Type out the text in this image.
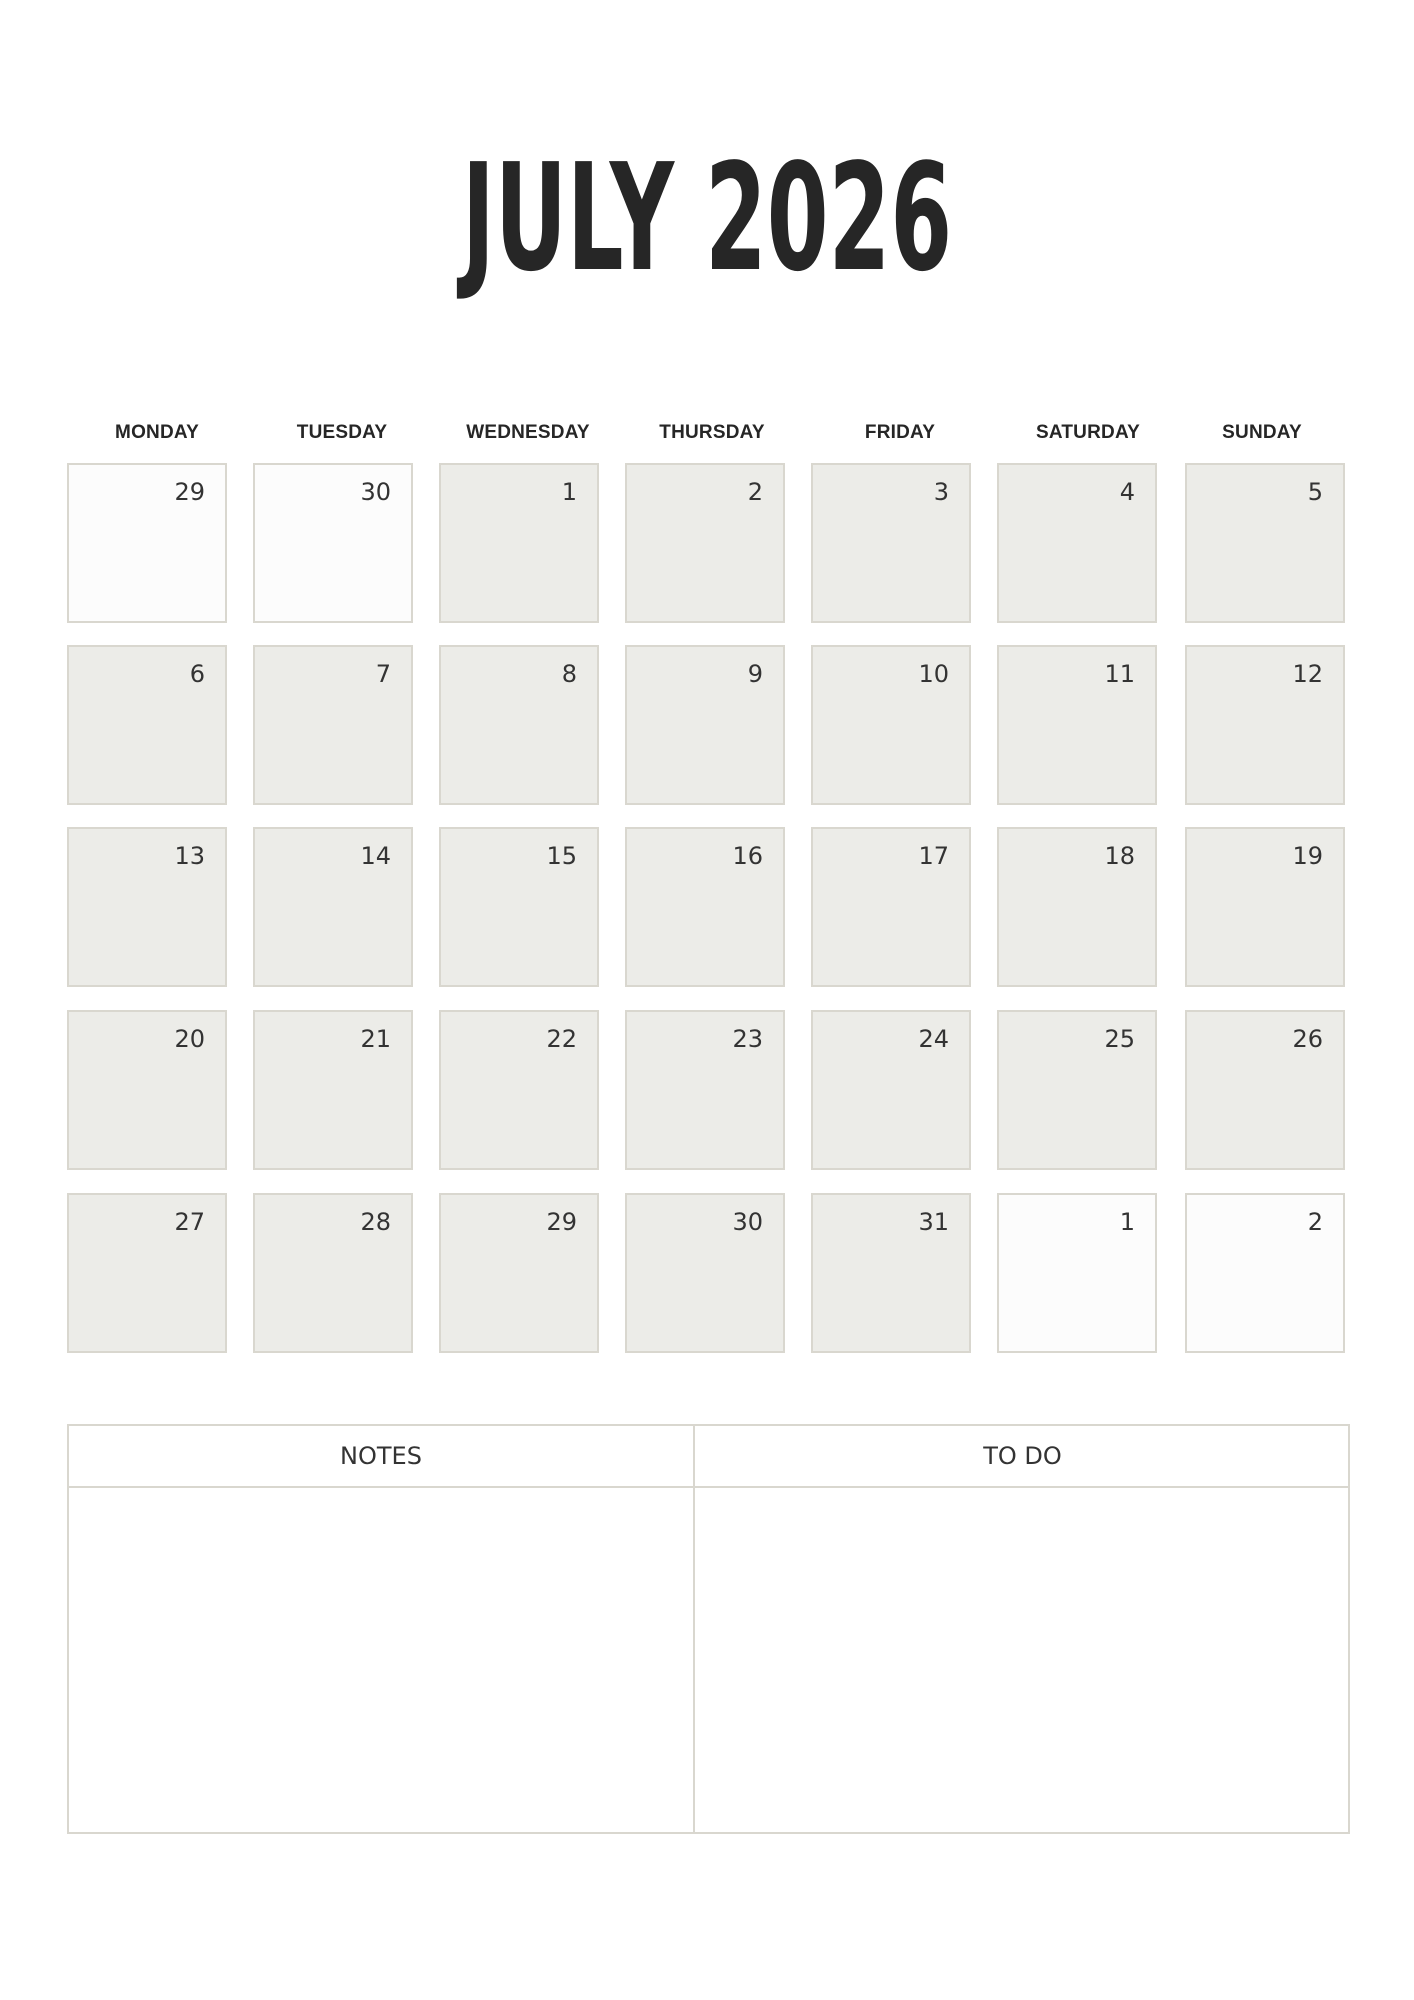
JULY 2026
MONDAY	TUESDAY	WEDNESDAY	THURSDAY	FRIDAY	SATURDAY	SUNDAY
29	30	1	2	3	4	5
6	7	8	9	10	11	12
13	14	15	16	17	18	19
20	21	22	23	24	25	26
27	28	29	30	31	1	2
NOTES	TO DO
